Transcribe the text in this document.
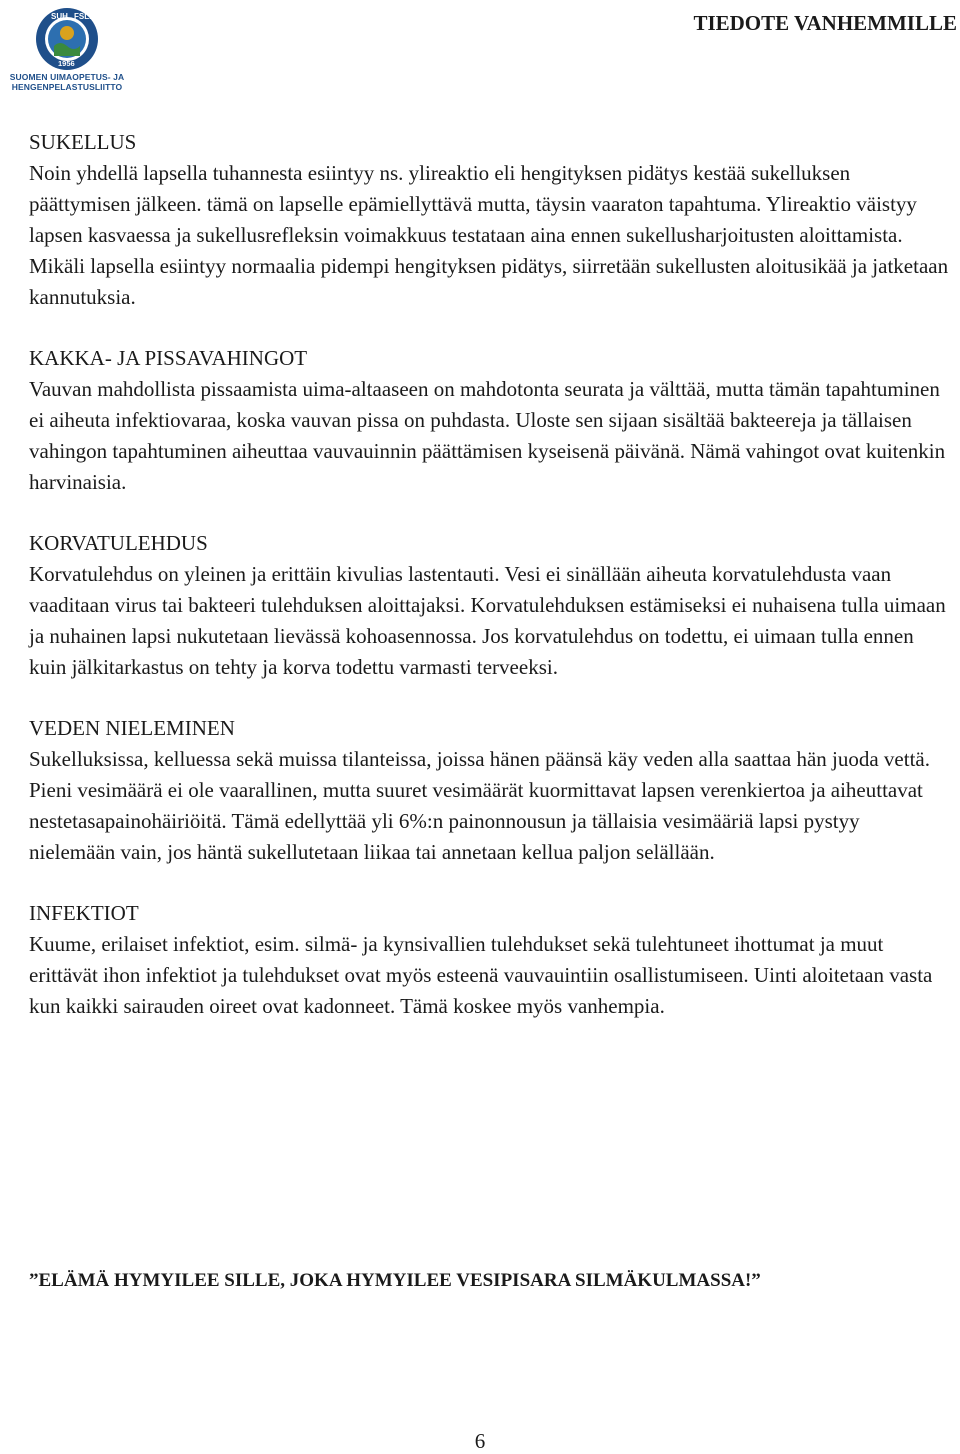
SUH FSLI
1956
SUOMEN UIMAOPETUS- JA
HENGENPELASTUSLIITTO
TIEDOTE VANHEMMILLE

SUKELLUS

Noin yhdellä lapsella tuhannesta esiintyy ns. ylireaktio eli hengityksen pidätys kestää sukelluksen päättymisen jälkeen. tämä on lapselle epämiellyttävä mutta, täysin vaaraton tapahtuma. Ylireaktio väistyy lapsen kasvaessa ja sukellusrefleksin voimakkuus testataan aina ennen sukellusharjoitusten aloittamista. Mikäli lapsella esiintyy normaalia pidempi hengityksen pidätys, siirretään sukellusten aloitusikää ja jatketaan kannutuksia.

KAKKA- JA PISSAVAHINGOT

Vauvan mahdollista pissaamista uima-altaaseen on mahdotonta seurata ja välttää, mutta tämän tapahtuminen ei aiheuta infektiovaraa, koska vauvan pissa on puhdasta. Uloste sen sijaan sisältää bakteereja ja tällaisen vahingon tapahtuminen aiheuttaa vauvauinnin päättämisen kyseisenä päivänä. Nämä vahingot ovat kuitenkin harvinaisia.

KORVATULEHDUS

Korvatulehdus on yleinen ja erittäin kivulias lastentauti. Vesi ei sinällään aiheuta korvatulehdusta vaan vaaditaan virus tai bakteeri tulehduksen aloittajaksi. Korvatulehduksen estämiseksi ei nuhaisena tulla uimaan ja nuhainen lapsi nukutetaan lievässä kohoasennossa. Jos korvatulehdus on todettu, ei uimaan tulla ennen kuin jälkitarkastus on tehty ja korva todettu varmasti terveeksi.

VEDEN NIELEMINEN

Sukelluksissa, kelluessa sekä muissa tilanteissa, joissa hänen päänsä käy veden alla saattaa hän juoda vettä. Pieni vesimäärä ei ole vaarallinen, mutta suuret vesimäärät kuormittavat lapsen verenkiertoa ja aiheuttavat nestetasapainohäiriöitä. Tämä edellyttää yli 6%:n painonnousun ja tällaisia vesimääriä lapsi pystyy nielemään vain, jos häntä sukellutetaan liikaa tai annetaan kellua paljon selällään.

INFEKTIOT

Kuume, erilaiset infektiot, esim. silmä- ja kynsivallien tulehdukset sekä tulehtuneet ihottumat ja muut erittävät ihon infektiot ja tulehdukset ovat myös esteenä vauvauintiin osallistumiseen. Uinti aloitetaan vasta kun kaikki sairauden oireet ovat kadonneet. Tämä koskee myös vanhempia.

”ELÄMÄ HYMYILEE SILLE, JOKA HYMYILEE VESIPISARA SILMÄKULMASSA!”
6
